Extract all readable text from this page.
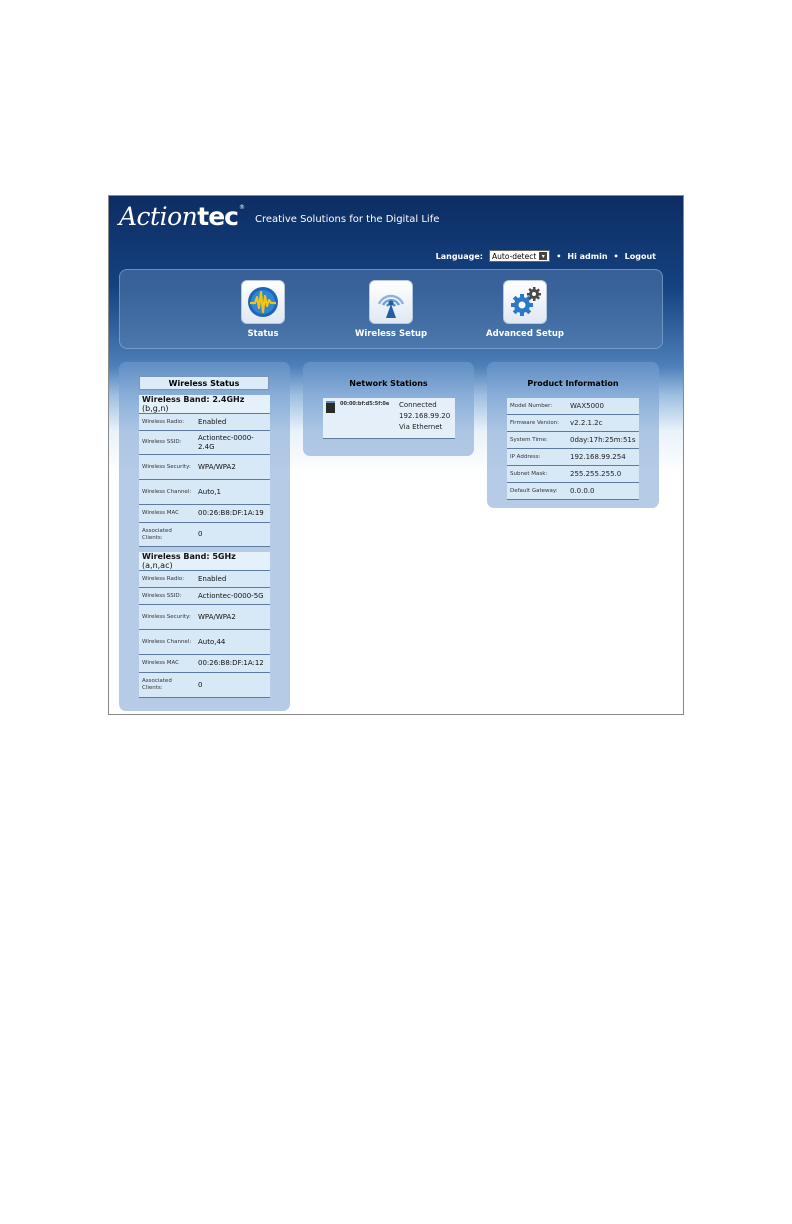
Actiontec ®
Creative Solutions for the Digital Life
Language: Auto-detect ▾	• Hi admin • Logout
Status	Wireless Setup	Advanced Setup
Wireless Status
Wireless Band: 2.4GHz (b,g,n)	
Wireless Radio:	Enabled
Wireless SSID:	Actiontec-0000-2.4G
Wireless Security:	WPA/WPA2
Wireless Channel:	Auto,1
Wireless MAC	00:26:B8:DF:1A:19
Associated Clients:	0
Wireless Band: 5GHz (a,n,ac)	
Wireless Radio:	Enabled
Wireless SSID:	Actiontec-0000-5G
Wireless Security:	WPA/WPA2
Wireless Channel:	Auto,44
Wireless MAC	00:26:B8:DF:1A:12
Associated Clients:	0
Network Stations
00:00:bf:d5:5f:0e Connected
192.168.99.20
Via Ethernet
Product Information
Model Number:	WAX5000
Firmware Version:	v2.2.1.2c
System Time:	0day:17h:25m:51s
IP Address:	192.168.99.254
Subnet Mask:	255.255.255.0
Default Gateway:	0.0.0.0
